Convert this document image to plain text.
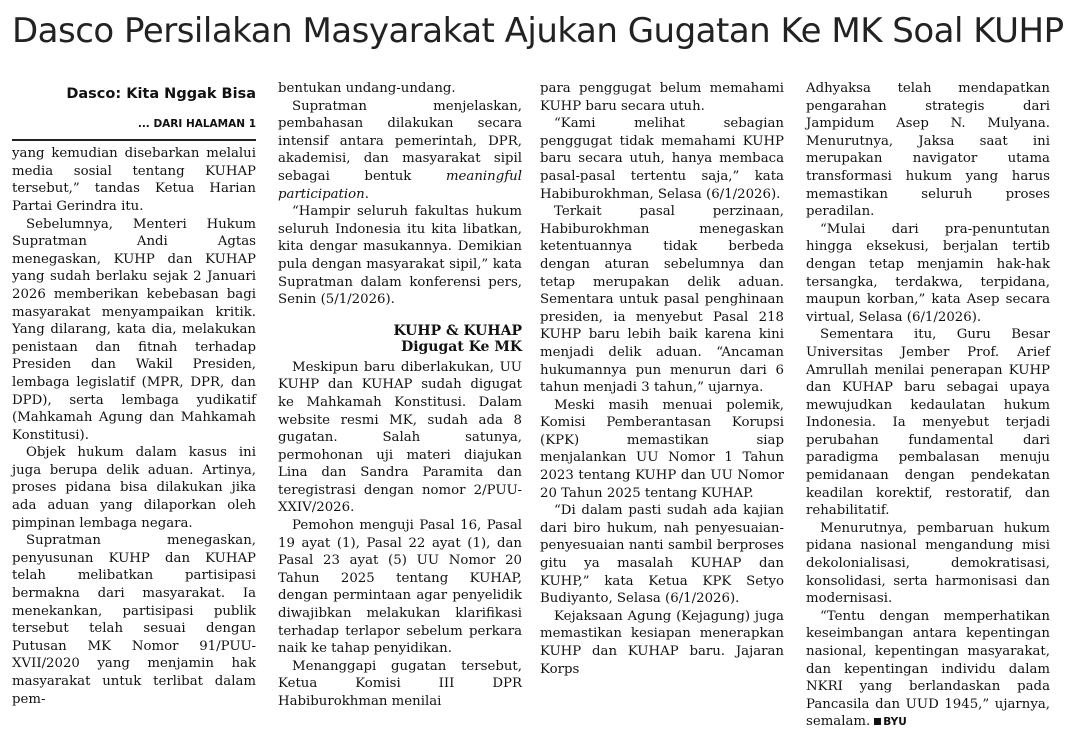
Dasco Persilakan Masyarakat Ajukan Gugatan Ke MK Soal KUHP
Dasco: Kita Nggak Bisa
... DARI HALAMAN 1

yang kemudian disebarkan melalui media sosial tentang KUHAP tersebut,” tandas Ketua Harian Partai Gerindra itu.

Sebelumnya, Menteri Hukum Supratman Andi Agtas menegaskan, KUHP dan KUHAP yang sudah berlaku sejak 2 Januari 2026 memberikan kebebasan bagi masyarakat menyampaikan kritik. Yang dilarang, kata dia, melakukan penistaan dan fitnah terhadap Presiden dan Wakil Presiden, lembaga legislatif (MPR, DPR, dan DPD), serta lembaga yudikatif (Mahkamah Agung dan Mahkamah Konstitusi).

Objek hukum dalam kasus ini juga berupa delik aduan. Artinya, proses pidana bisa dilakukan jika ada aduan yang dilaporkan oleh pimpinan lembaga negara.

Supratman menegaskan, penyusunan KUHP dan KUHAP telah melibatkan partisipasi bermakna dari masyarakat. Ia menekankan, partisipasi publik tersebut telah sesuai dengan Putusan MK Nomor 91/PUU-XVII/2020 yang menjamin hak masyarakat untuk terlibat dalam pem-

bentukan undang-undang.

Supratman menjelaskan, pembahasan dilakukan secara intensif antara pemerintah, DPR, akademisi, dan masyarakat sipil sebagai bentuk	meaningful participation.

“Hampir seluruh fakultas hukum seluruh Indonesia itu kita libatkan, kita dengar masukannya. Demikian pula dengan masyarakat sipil,” kata Supratman dalam konferensi pers, Senin (5/1/2026).

KUHP & KUHAP
Digugat Ke MK

Meskipun baru diberlakukan, UU KUHP dan KUHAP sudah digugat ke Mahkamah Konstitusi. Dalam website resmi MK, sudah ada 8 gugatan. Salah satunya, permohonan uji materi diajukan Lina dan Sandra Paramita dan teregistrasi dengan nomor 2/PUU-XXIV/2026.

Pemohon menguji Pasal 16, Pasal 19 ayat (1), Pasal 22 ayat (1), dan Pasal 23 ayat (5) UU Nomor 20 Tahun 2025 tentang KUHAP, dengan permintaan agar penyelidik diwajibkan melakukan klarifikasi terhadap terlapor sebelum perkara naik ke tahap penyidikan.

Menanggapi gugatan tersebut, Ketua Komisi III DPR Habiburokhman menilai

para penggugat belum memahami KUHP baru secara utuh.

“Kami melihat sebagian penggugat tidak memahami KUHP baru secara utuh, hanya membaca pasal-pasal tertentu saja,” kata Habiburokhman, Selasa (6/1/2026).

Terkait pasal perzinaan, Habiburokhman menegaskan ketentuannya tidak berbeda dengan aturan sebelumnya dan tetap merupakan delik aduan. Sementara untuk pasal penghinaan presiden, ia menyebut Pasal 218 KUHP baru lebih baik karena kini menjadi delik aduan. “Ancaman hukumannya pun menurun dari 6 tahun menjadi 3 tahun,” ujarnya.

Meski masih menuai polemik, Komisi Pemberantasan Korupsi (KPK) memastikan siap menjalankan UU Nomor 1 Tahun 2023 tentang KUHP dan UU Nomor 20 Tahun 2025 tentang KUHAP.

“Di dalam pasti sudah ada kajian dari biro hukum, nah penyesuaian-penyesuaian nanti sambil berproses gitu ya masalah KUHAP dan KUHP,” kata Ketua KPK Setyo Budiyanto, Selasa (6/1/2026).

Kejaksaan Agung (Kejagung) juga memastikan kesiapan menerapkan KUHP dan KUHAP baru. Jajaran Korps

Adhyaksa telah mendapatkan pengarahan strategis dari Jampidum Asep N. Mulyana. Menurutnya, Jaksa saat ini merupakan navigator utama transformasi hukum yang harus memastikan seluruh proses peradilan.

“Mulai dari pra-penuntutan hingga eksekusi, berjalan tertib dengan tetap menjamin hak-hak tersangka, terdakwa, terpidana, maupun korban,” kata Asep secara virtual, Selasa (6/1/2026).

Sementara itu, Guru Besar Universitas Jember Prof. Arief Amrullah menilai penerapan KUHP dan KUHAP baru sebagai upaya mewujudkan kedaulatan hukum Indonesia. Ia menyebut terjadi perubahan fundamental dari paradigma pembalasan menuju pemidanaan dengan pendekatan keadilan korektif, restoratif, dan rehabilitatif.

Menurutnya, pembaruan hukum pidana nasional mengandung misi dekolonialisasi, demokratisasi, konsolidasi, serta harmonisasi dan modernisasi.

“Tentu dengan memperhatikan keseimbangan antara kepentingan nasional, kepentingan masyarakat, dan kepentingan individu dalam NKRI yang berlandaskan pada Pancasila dan UUD 1945,” ujarnya, semalam. BYU
